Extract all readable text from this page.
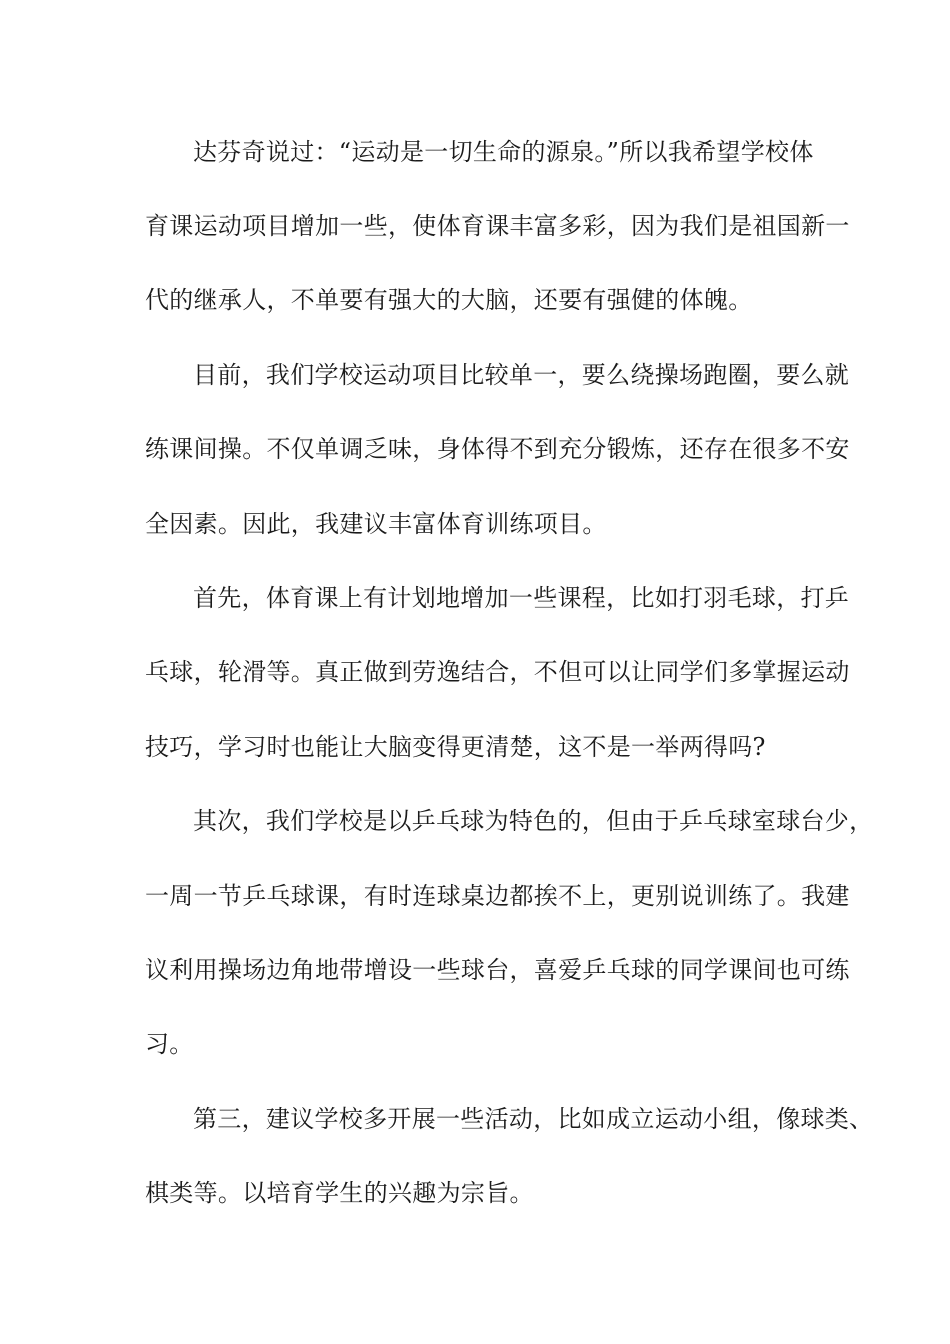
达芬奇说过：“运动是一切生命的源泉。”所以我希望学校体
育课运动项目增加一些，使体育课丰富多彩，因为我们是祖国新一
代的继承人，不单要有强大的大脑，还要有强健的体魄。
目前，我们学校运动项目比较单一，要么绕操场跑圈，要么就
练课间操。不仅单调乏味，身体得不到充分锻炼，还存在很多不安
全因素。因此，我建议丰富体育训练项目。
首先，体育课上有计划地增加一些课程，比如打羽毛球，打乒
乓球，轮滑等。真正做到劳逸结合，不但可以让同学们多掌握运动
技巧，学习时也能让大脑变得更清楚，这不是一举两得吗?
其次，我们学校是以乒乓球为特色的，但由于乒乓球室球台少，
一周一节乒乓球课，有时连球桌边都挨不上，更别说训练了。我建
议利用操场边角地带增设一些球台，喜爱乒乓球的同学课间也可练
习。
第三，建议学校多开展一些活动，比如成立运动小组，像球类、
棋类等。以培育学生的兴趣为宗旨。
